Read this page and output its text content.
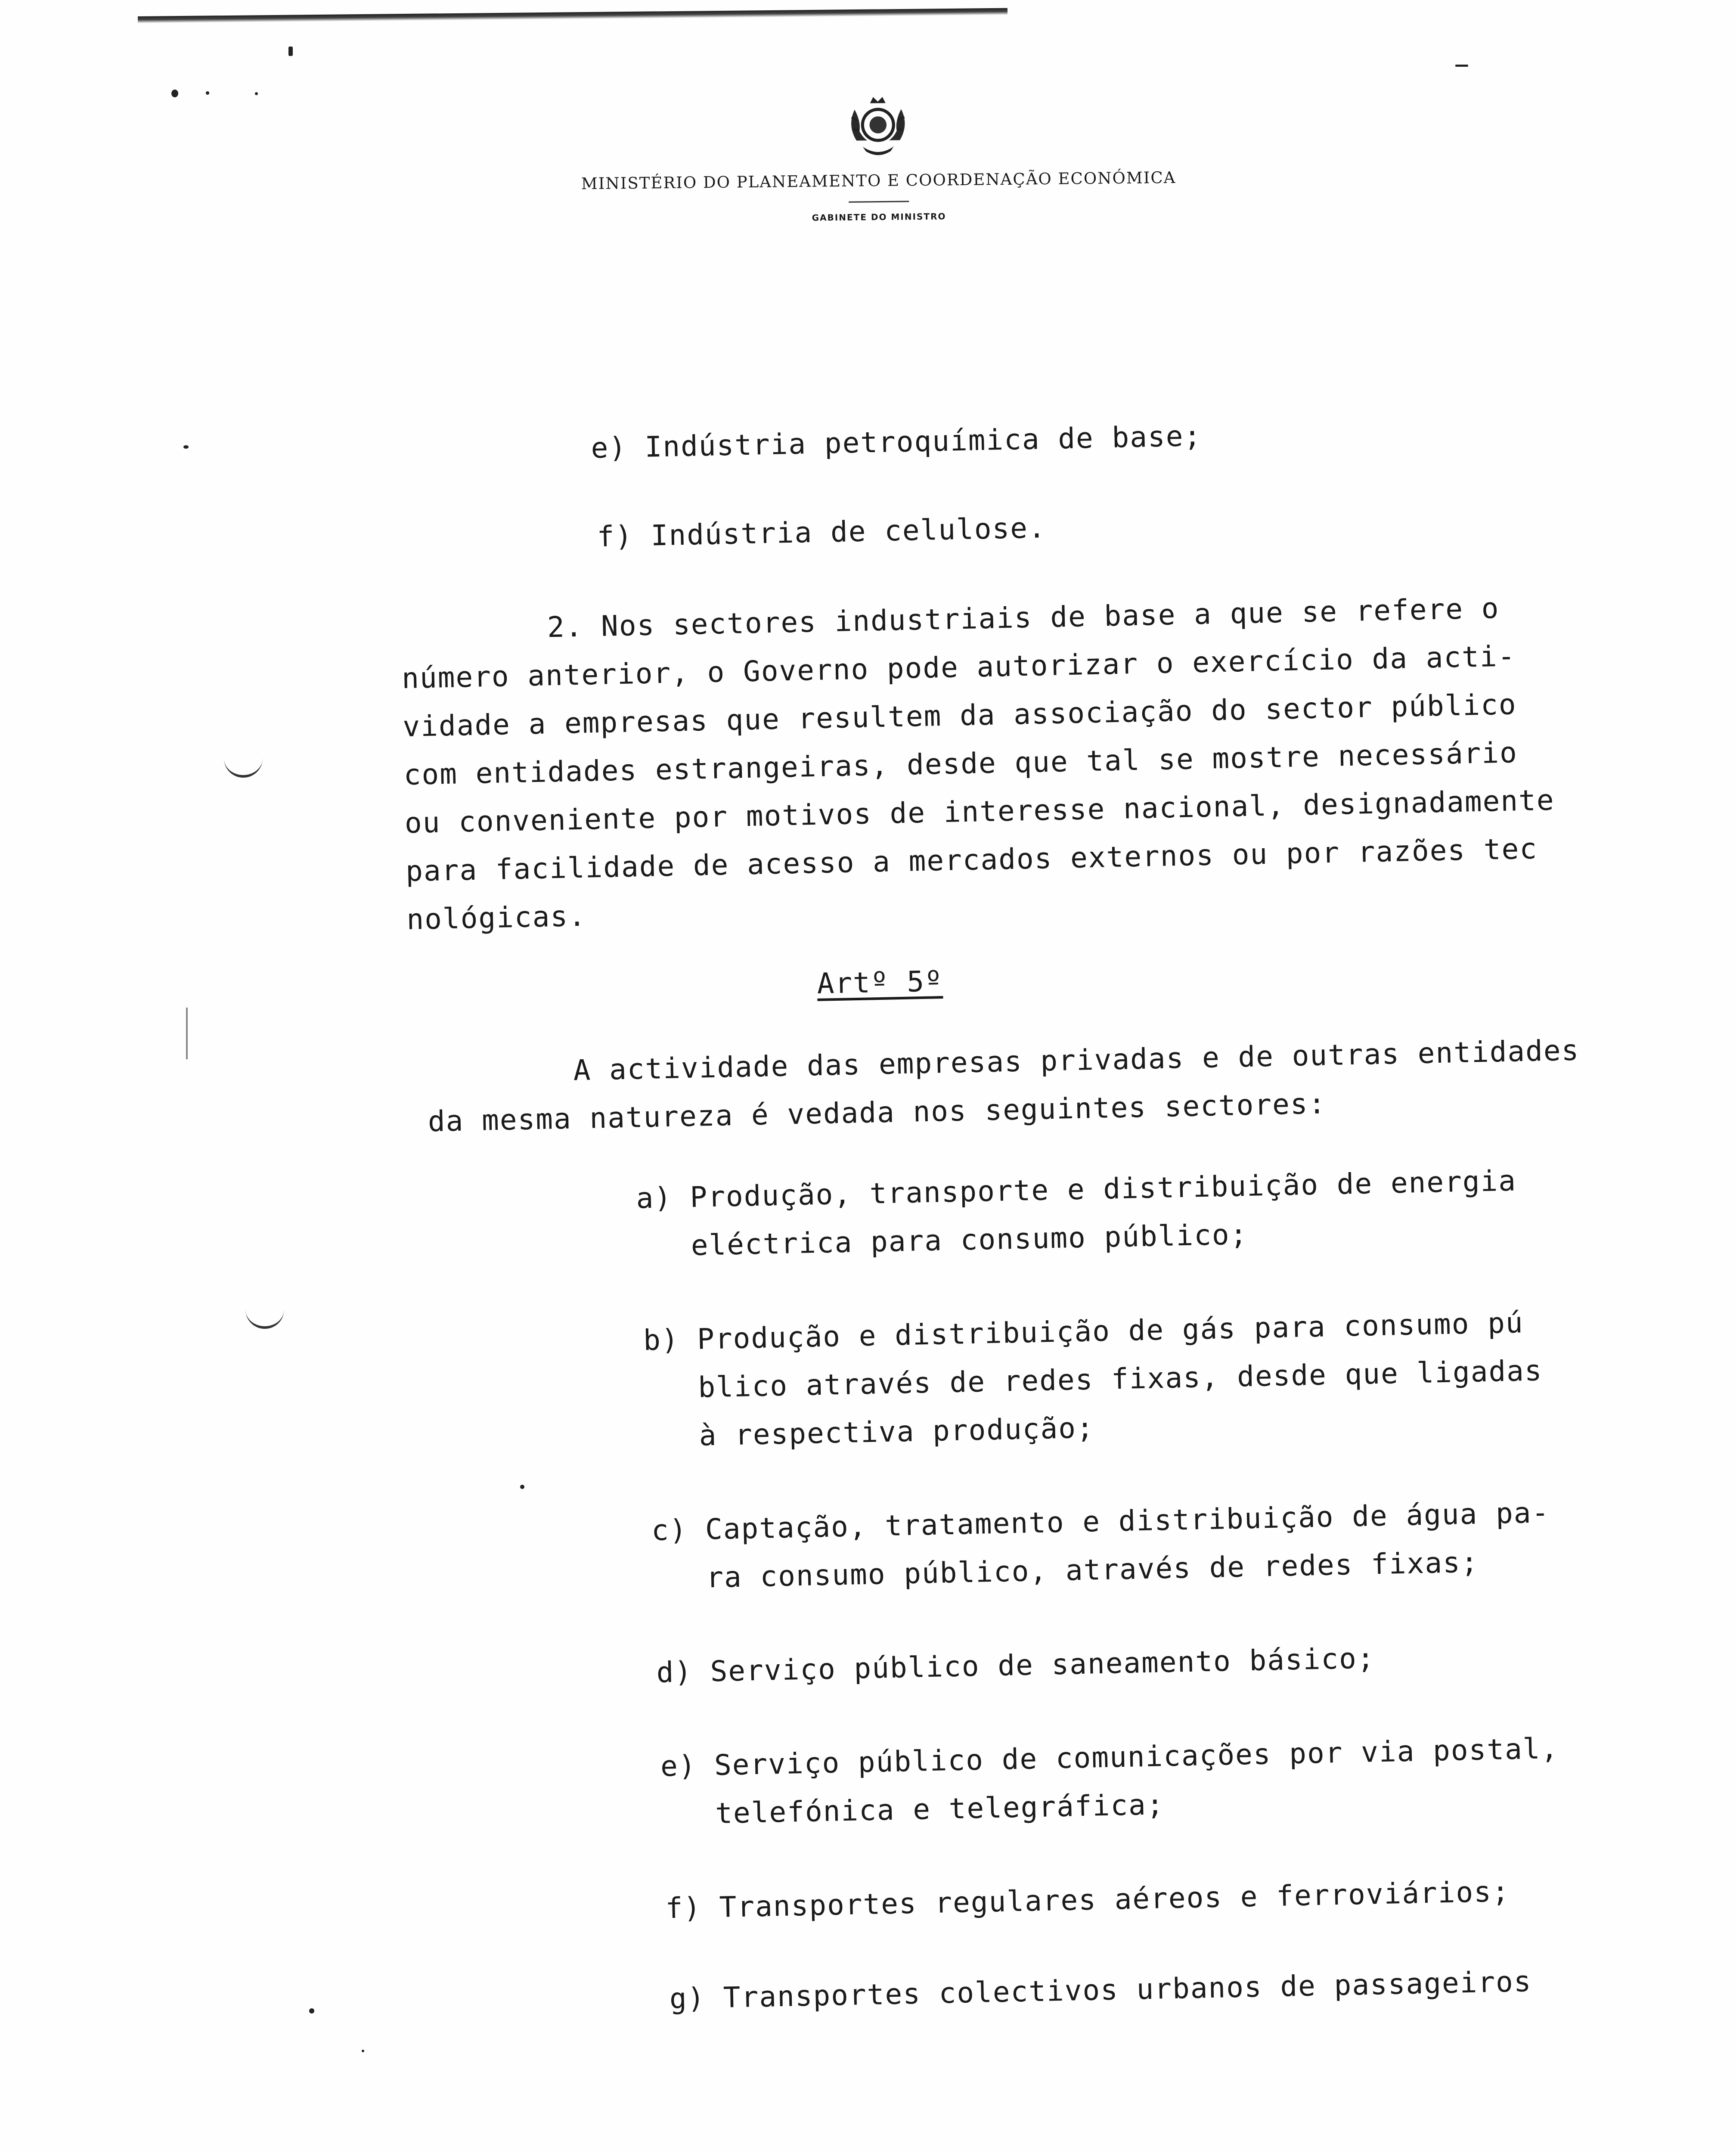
MINISTÉRIO DO PLANEAMENTO E COORDENAÇÃO ECONÓMICA
GABINETE DO MINISTRO
e) Indústria petroquímica de base;
f) Indústria de celulose.
2. Nos sectores industriais de base a que se refere o
número anterior, o Governo pode autorizar o exercício da acti-
vidade a empresas que resultem da associação do sector público
com entidades estrangeiras, desde que tal se mostre necessário
ou conveniente por motivos de interesse nacional, designadamente
para facilidade de acesso a mercados externos ou por razões tec
nológicas.
Artº 5º
A actividade das empresas privadas e de outras entidades
da mesma natureza é vedada nos seguintes sectores:
a) Produção, transporte e distribuição de energia
eléctrica para consumo público;
b) Produção e distribuição de gás para consumo pú
blico através de redes fixas, desde que ligadas
à respectiva produção;
c) Captação, tratamento e distribuição de água pa-
ra consumo público, através de redes fixas;
d) Serviço público de saneamento básico;
e) Serviço público de comunicações por via postal,
telefónica e telegráfica;
f) Transportes regulares aéreos e ferroviários;
g) Transportes colectivos urbanos de passageiros
